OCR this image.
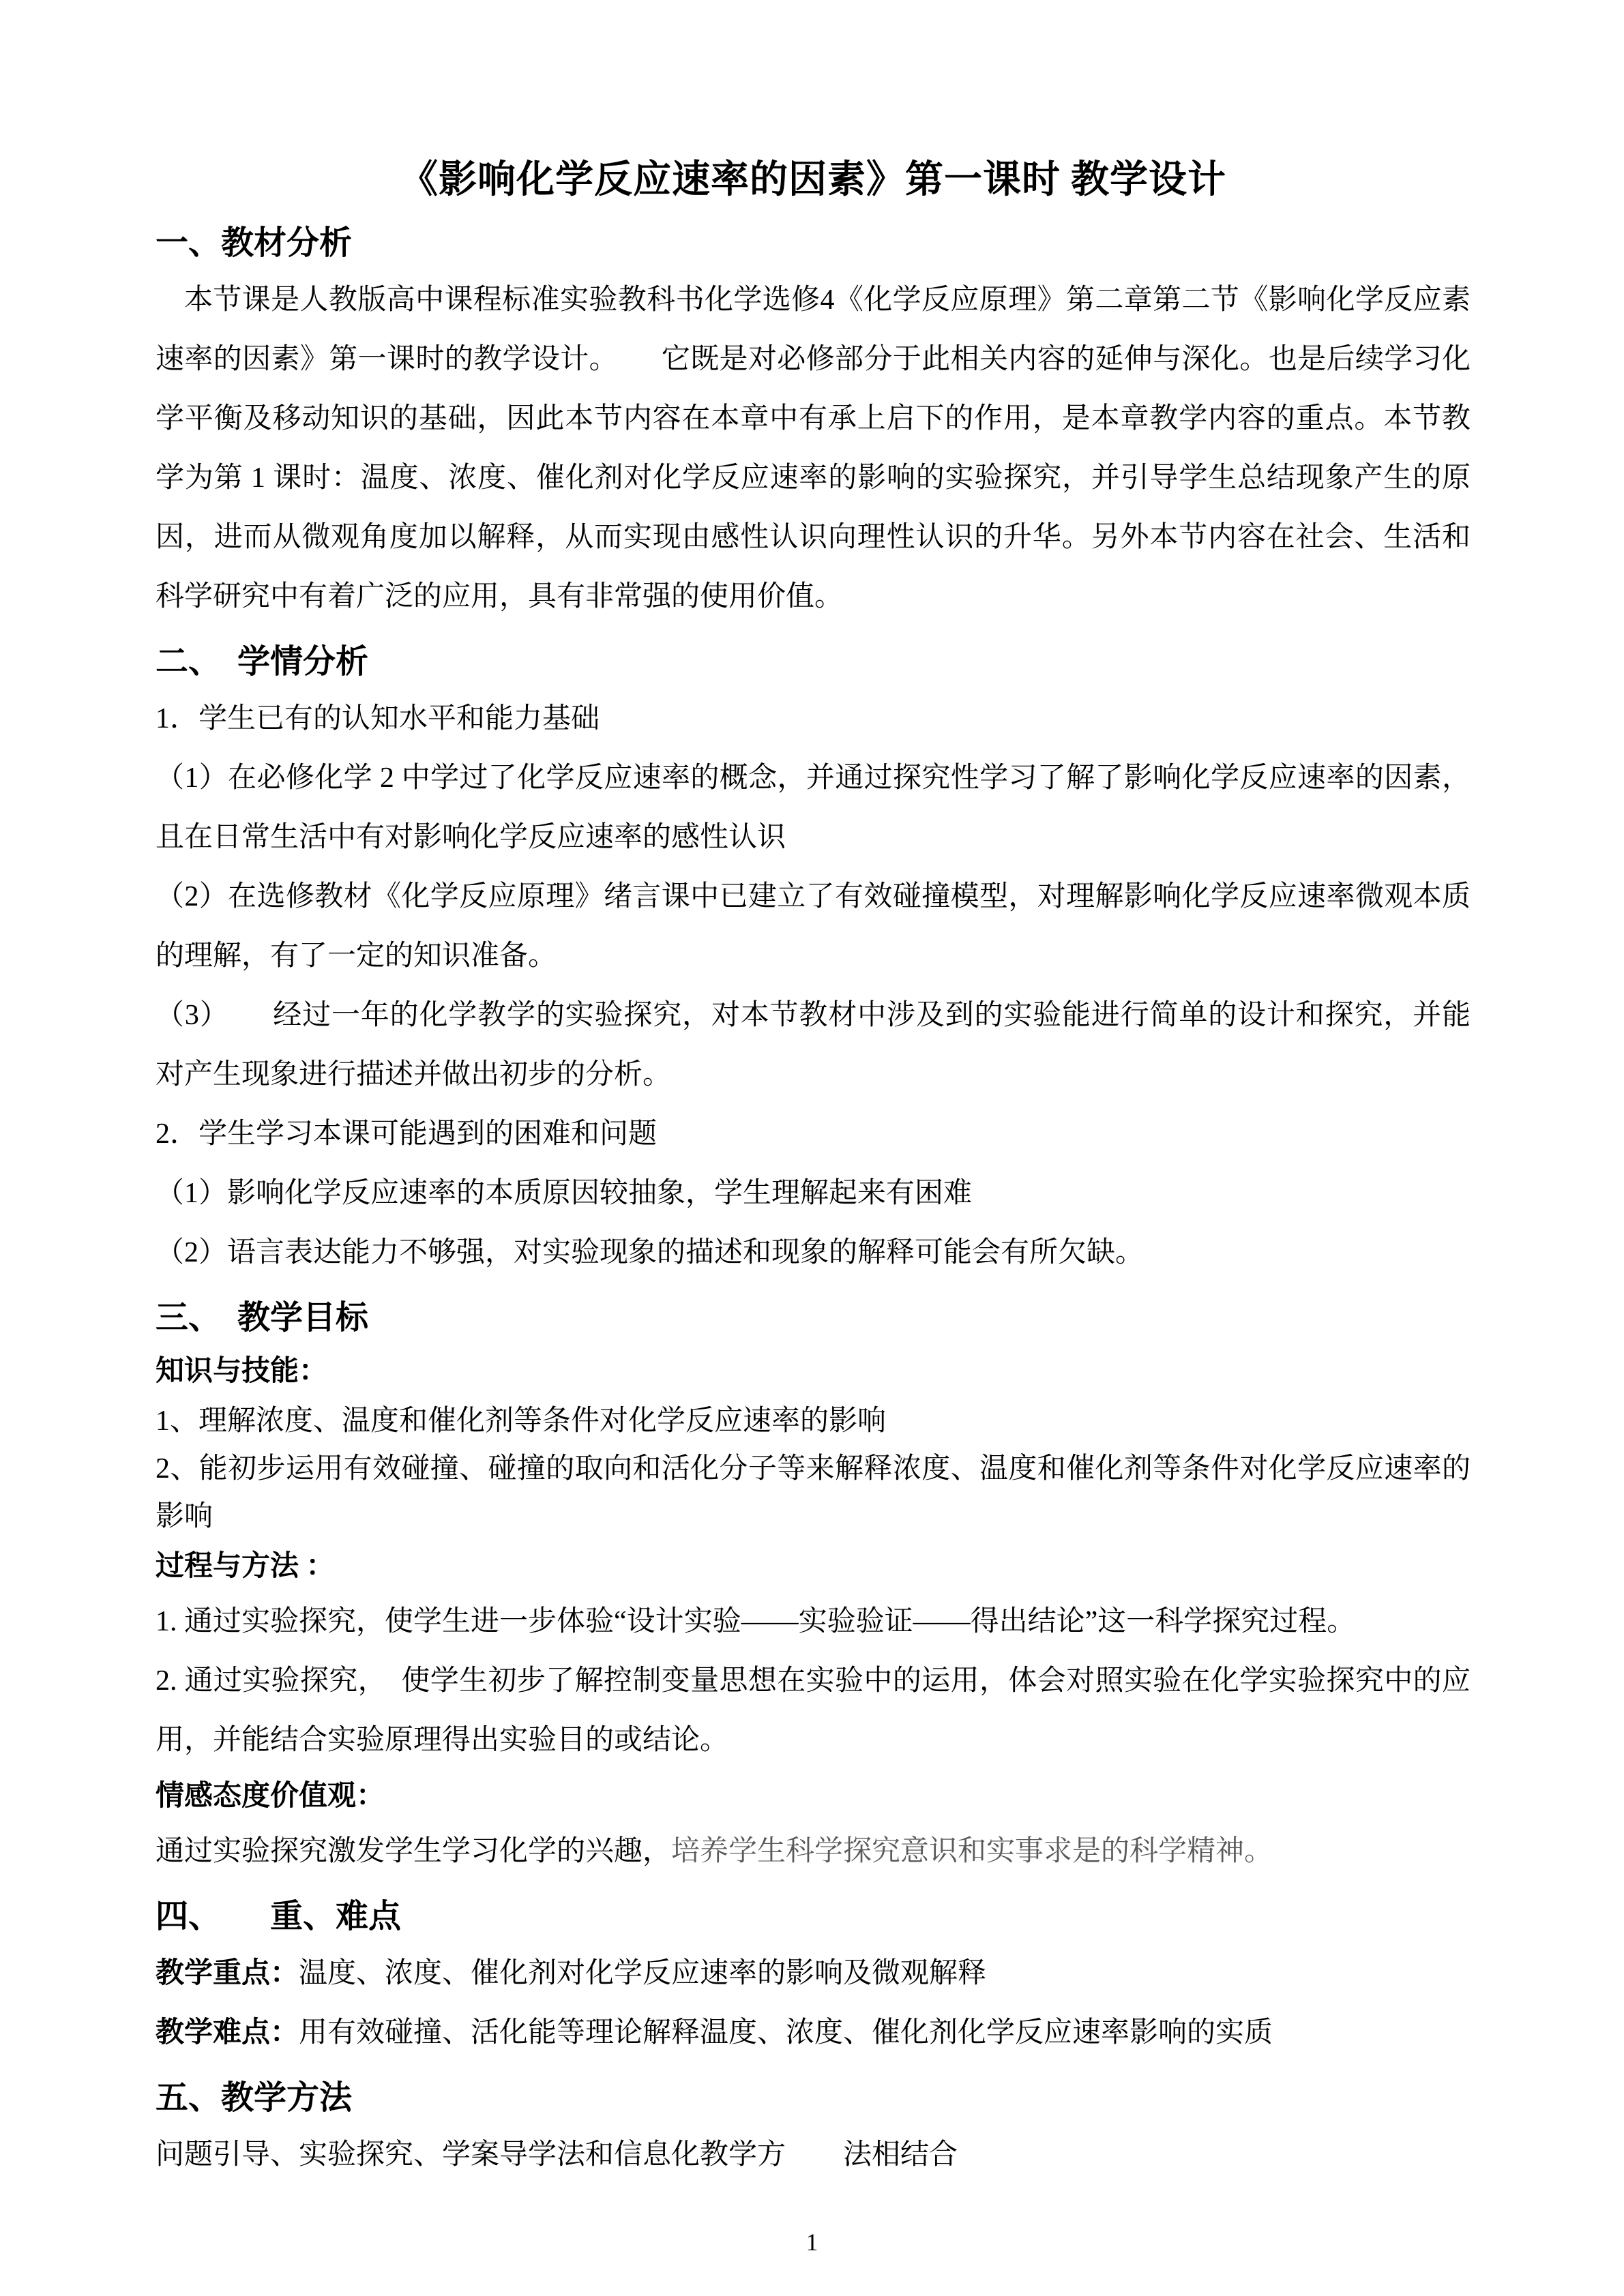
《影响化学反应速率的因素》第一课时 教学设计
一、教材分析

本节课是人教版高中课程标准实验教科书化学选修4《化学反应原理》第二章第二节《影响化学反应素速率的因素》第一课时的教学设计。　　它既是对必修部分于此相关内容的延伸与深化。也是后续学习化学平衡及移动知识的基础，因此本节内容在本章中有承上启下的作用，是本章教学内容的重点。本节教学为第 1 课时：温度、浓度、催化剂对化学反应速率的影响的实验探究，并引导学生总结现象产生的原因，进而从微观角度加以解释，从而实现由感性认识向理性认识的升华。另外本节内容在社会、生活和科学研究中有着广泛的应用，具有非常强的使用价值。

二、　学情分析

1．学生已有的认知水平和能力基础

（1）在必修化学 2 中学过了化学反应速率的概念，并通过探究性学习了解了影响化学反应速率的因素，且在日常生活中有对影响化学反应速率的感性认识

（2）在选修教材《化学反应原理》绪言课中已建立了有效碰撞模型，对理解影响化学反应速率微观本质的理解，有了一定的知识准备。

（3）　　经过一年的化学教学的实验探究，对本节教材中涉及到的实验能进行简单的设计和探究，并能对产生现象进行描述并做出初步的分析。

2．学生学习本课可能遇到的困难和问题

（1）影响化学反应速率的本质原因较抽象，学生理解起来有困难

（2）语言表达能力不够强，对实验现象的描述和现象的解释可能会有所欠缺。

三、　教学目标

知识与技能：

1、理解浓度、温度和催化剂等条件对化学反应速率的影响

2、能初步运用有效碰撞、碰撞的取向和活化分子等来解释浓度、温度和催化剂等条件对化学反应速率的影响

过程与方法 ：

1. 通过实验探究，使学生进一步体验“设计实验——实验验证——得出结论”这一科学探究过程。

2. 通过实验探究，　使学生初步了解控制变量思想在实验中的运用，体会对照实验在化学实验探究中的应用，并能结合实验原理得出实验目的或结论。

情感态度价值观：

通过实验探究激发学生学习化学的兴趣，培养学生科学探究意识和实事求是的科学精神。

四、　　重、难点

教学重点：温度、浓度、催化剂对化学反应速率的影响及微观解释

教学难点：用有效碰撞、活化能等理论解释温度、浓度、催化剂化学反应速率影响的实质

五、教学方法

问题引导、实验探究、学案导学法和信息化教学方　　法相结合

1
